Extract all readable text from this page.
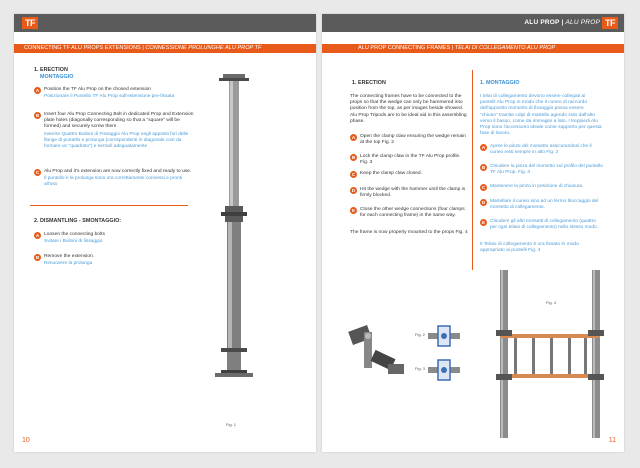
TF
CONNECTING TF ALU PROPS EXTENSIONS | CONNESSIONE PROLUNGHE ALU PROP TF
1. ERECTION
MONTAGGIO
A Position the TF Alu Prop on the chosed extension
Posizionare il Puntello TF Alu Prop sull'estensione pre-fissata
B Insert four Alu Prop Connecting Bolt in dedicated Prop and Extension plate holes (diagonally corresponding so that a "square" will be formed) and securely screw them
Inserire Quattro Bulloni di Fissaggio Alu Prop negli appositi fori delle flange di puntello e prolunga (corrispondenti in diagonale così da formare un "quadrato") e serrarli adeguatamente
C Alu Prop and it's extension are now correctly fixed and ready to use.
Il puntello e la prolunga sono ora correttamente connessi e pronti all'uso
2. DISMANTLING - SMONTAGGIO:
A Loosen the connecting bolts
Svitare i Bulloni di fissaggio
B Remove the extension.
Rimuovere la prolunga
Fig. 1
10
ALU PROP | ALU PROP TF
ALU PROP CONNECTING FRAMES | TELAI DI COLLEGAMENTO ALU PROP
1. ERECTION	1. MONTAGGIO
The connecting frames have to be connected to the props so that the wedge can only be hammered into position from the top, as per images beside showed. Alu Prop Tripods are to be ideal aid in this assembling phase.
I telai di collegamento devono essere collegati ai puntelli Alu Prop in modo che il cuneo di raccordo dell'apposito morsetto di fissaggio possa essere "chiuso" tramite colpi di martello agendo solo dall'alto verso il basso, come da immagini a lato. I treppiedi Alu Prop sono l'accessorio ideale come supporto per questa fase di lavoro.
A Open the clamp claw ensuring the wedge remain at the top Fig. 2
B Lock the clamp claw in the TF Alu Prop profile. Fig. 3
C Keep the clamp claw closed.
D Hit the wedge with the hammer until the clamp is firmly blocked.
E	Close the other wedge connections (four clamps for each connecting frame) in the same way.
The frame is now properly mounted to the props Fig. 4
A	Aprire le pinze del morsetto assicurandosi che il cuneo resti sempre in alto Fig. 2
B	Chiudere la pinza del morsetto sul profilo del puntello TF Alu Prop. Fig. 3
C	Mantenere la pinza in posizione di chiusura.
D	Martellare il cuneo sino ad un fermo bloccaggio del morsetto di collegamento.
E	Chiudere gli altri morsetti di collegamento (quattro per ogni telaio di collegamento) nello stesso modo.
Il Telaio di collegamento è ora fissato in modo appropriato ai puntelli Fig. 4
Fig. 2
Fig. 3
Fig. 4
11
